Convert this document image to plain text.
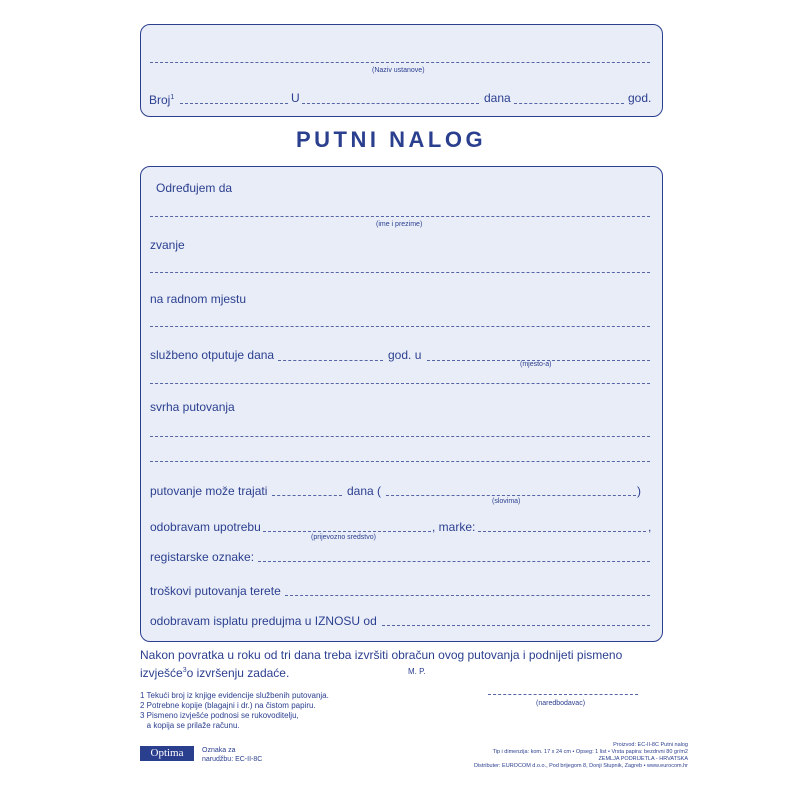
(Naziv ustanove)
Broj$^1$	U	dana	god.
PUTNI NALOG
Određujem da
(ime i prezime)
zvanje
na radnom mjestu
službeno otputuje dana	god. u
(mjesto-a)
svrha putovanja
putovanje može trajati	dana (	)
(slovima)
odobravam upotrebu	, marke:	,
(prijevozno sredstvo)
registarske oznake:
troškovi putovanja terete
odobravam isplatu predujma u IZNOSU od
Nakon povratka u roku od tri dana treba izvršiti obračun ovog putovanja i podnijeti pismeno
izvješće$^3$o izvršenju zadaće.	M. P.
1 Tekući broj iz knjige evidencije službenih putovanja.
2 Potrebne kopije (blagajni i dr.) na čistom papiru.
3 Pismeno izvješće podnosi se rukovoditelju,
a kopija se prilaže računu.
(naredbodavac)
Optima	Oznaka za
narudžbu: EC-II-8C
Proizvod: EC-II-8C Putni nalog
Tip i dimenzija: kom. 17 x 24 cm • Opseg: 1 list • Vrsta papira: bezdrvni 80 gr/m2
ZEMLJA PODRIJETLA - HRVATSKA
Distributer: EUROCOM d.o.o., Pod brijegom 8, Donji Stupnik, Zagreb • www.eurocom.hr
